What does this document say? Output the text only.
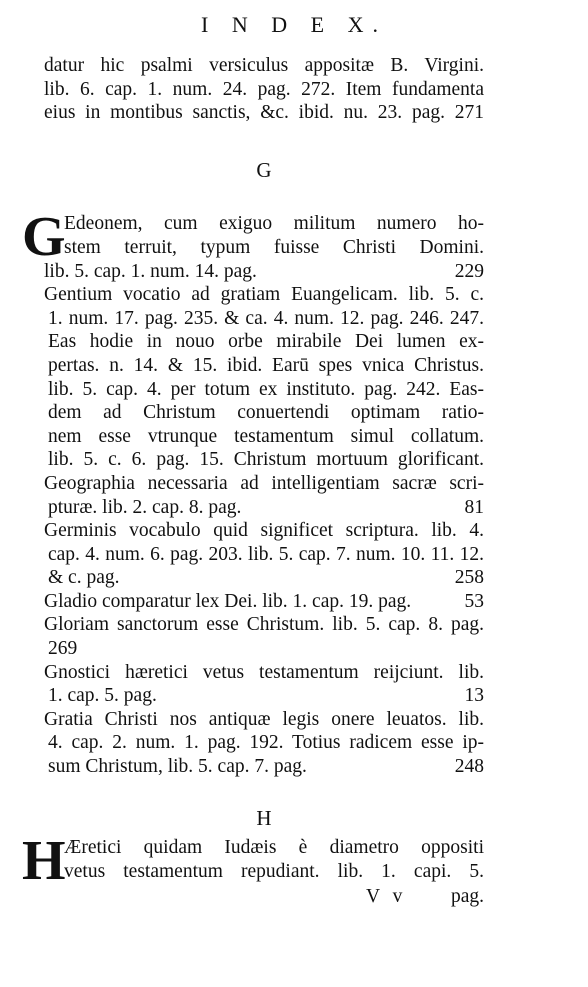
I N D E X.
datur hic psalmi versiculus appositæ B. Virgini.
lib. 6. cap. 1. num. 24. pag. 272. Item fundamenta
eius in montibus sanctis, &c. ibid. nu. 23. pag. 271
G
G
Edeonem, cum exiguo militum numero ho-
stem terruit, typum fuisse Christi Domini.
lib. 5. cap. 1. num. 14. pag.	229
Gentium vocatio ad gratiam Euangelicam. lib. 5. c.
1. num. 17. pag. 235. & ca. 4. num. 12. pag. 246. 247.
Eas hodie in nouo orbe mirabile Dei lumen ex-
pertas. n. 14. & 15. ibid. Earū spes vnica Christus.
lib. 5. cap. 4. per totum ex instituto. pag. 242. Eas-
dem ad Christum conuertendi optimam ratio-
nem esse vtrunque testamentum simul collatum.
lib. 5. c. 6. pag. 15. Christum mortuum glorificant.
Geographia necessaria ad intelligentiam sacræ scri-
pturæ. lib. 2. cap. 8. pag.	81
Germinis vocabulo quid significet scriptura. lib. 4.
cap. 4. num. 6. pag. 203. lib. 5. cap. 7. num. 10. 11. 12.
& c. pag.	258
Gladio comparatur lex Dei. lib. 1. cap. 19. pag.	53
Gloriam sanctorum esse Christum. lib. 5. cap. 8. pag.
269
Gnostici hæretici vetus testamentum reijciunt. lib.
1. cap. 5. pag.	13
Gratia Christi nos antiquæ legis onere leuatos. lib.
4. cap. 2. num. 1. pag. 192. Totius radicem esse ip-
sum Christum, lib. 5. cap. 7. pag.	248
H
H
Æretici quidam Iudæis è diametro oppositi
vetus testamentum repudiant. lib. 1. capi. 5.
V v pag.
